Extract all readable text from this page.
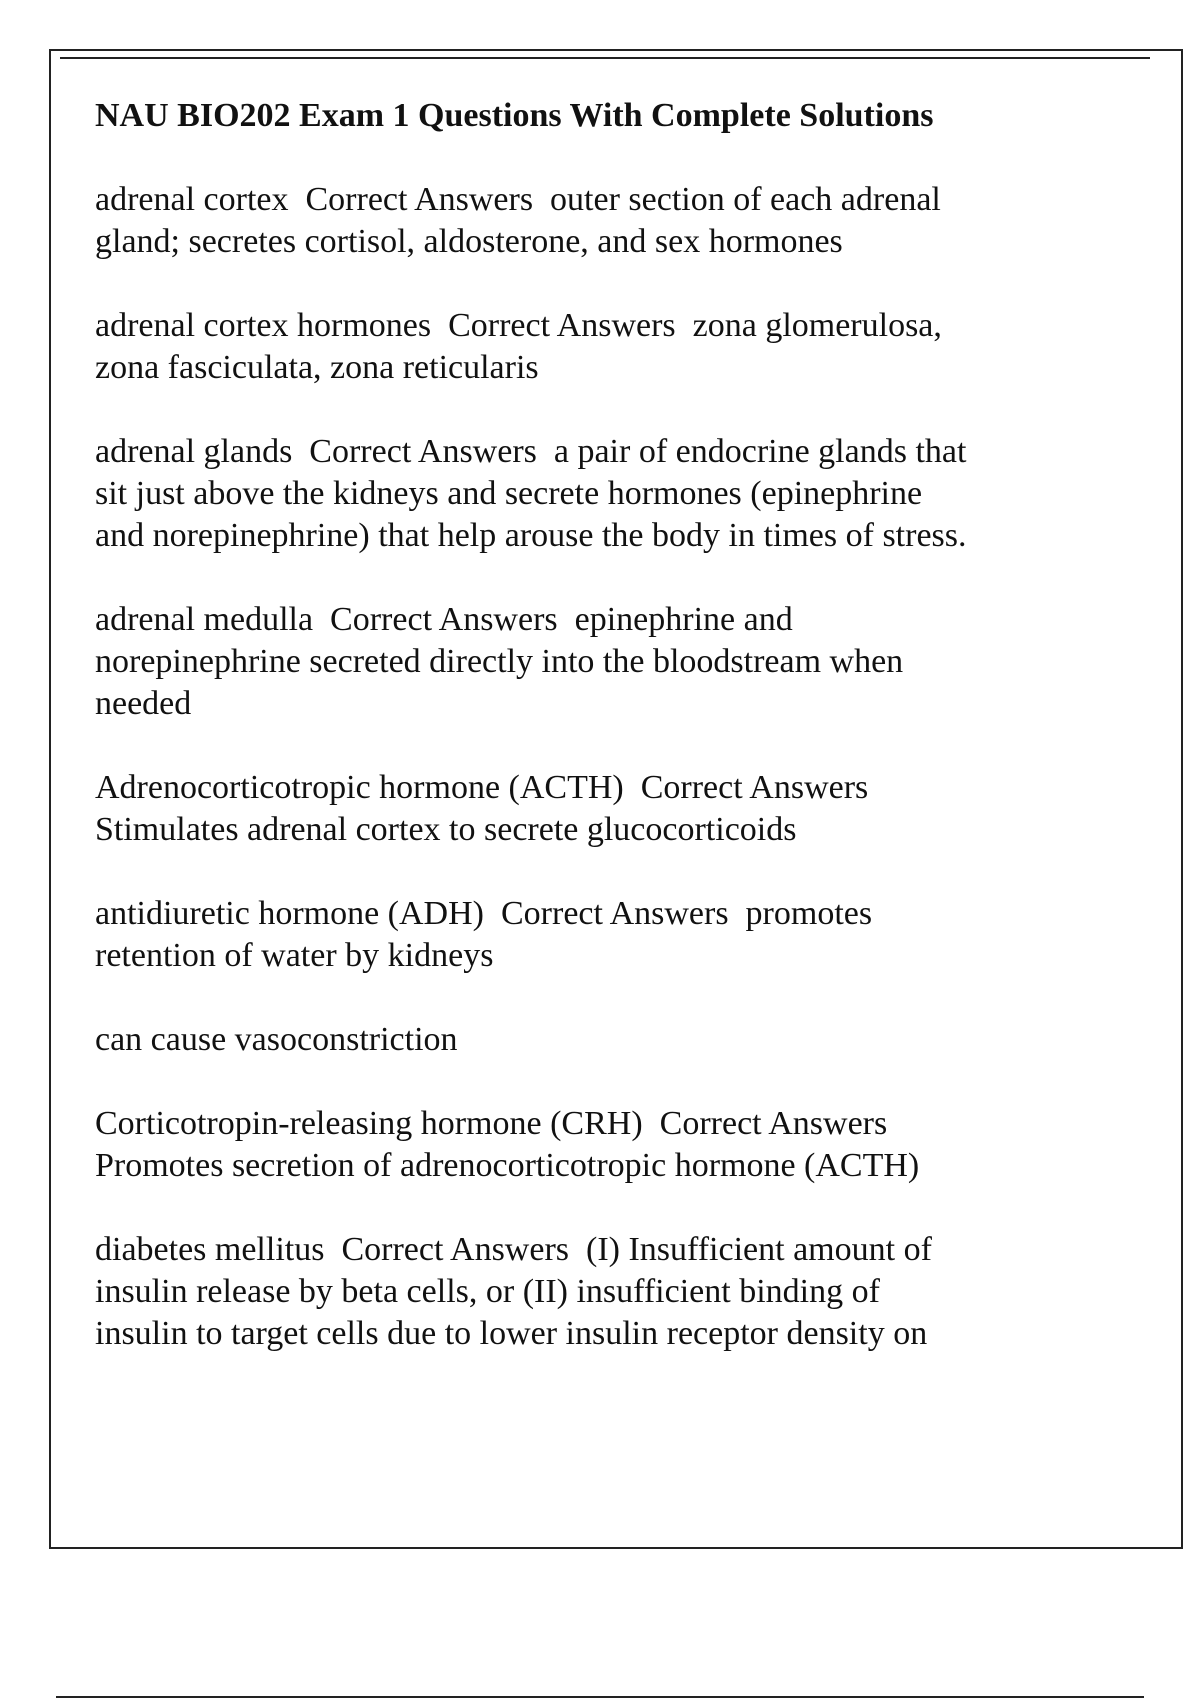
NAU BIO202 Exam 1 Questions With Complete Solutions
adrenal cortex  Correct Answers  outer section of each adrenal
gland; secretes cortisol, aldosterone, and sex hormones
adrenal cortex hormones  Correct Answers  zona glomerulosa,
zona fasciculata, zona reticularis
adrenal glands  Correct Answers  a pair of endocrine glands that
sit just above the kidneys and secrete hormones (epinephrine
and norepinephrine) that help arouse the body in times of stress.
adrenal medulla  Correct Answers  epinephrine and
norepinephrine secreted directly into the bloodstream when
needed
Adrenocorticotropic hormone (ACTH)  Correct Answers
Stimulates adrenal cortex to secrete glucocorticoids
antidiuretic hormone (ADH)  Correct Answers  promotes
retention of water by kidneys
can cause vasoconstriction
Corticotropin-releasing hormone (CRH)  Correct Answers
Promotes secretion of adrenocorticotropic hormone (ACTH)
diabetes mellitus  Correct Answers  (I) Insufficient amount of
insulin release by beta cells, or (II) insufficient binding of
insulin to target cells due to lower insulin receptor density on
